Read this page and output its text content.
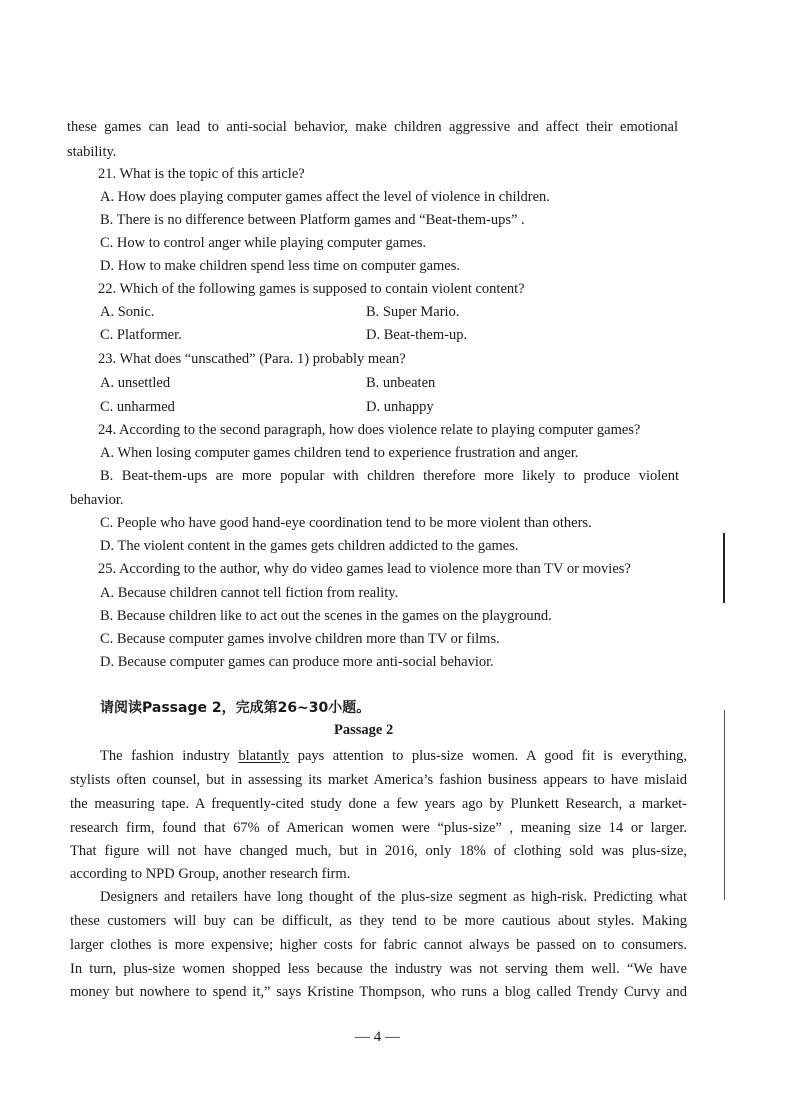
these games can lead to anti-social behavior, make children aggressive and affect their emotional
stability.
21. What is the topic of this article?
A. How does playing computer games affect the level of violence in children.
B. There is no difference between Platform games and “Beat-them-ups” .
C. How to control anger while playing computer games.
D. How to make children spend less time on computer games.
22. Which of the following games is supposed to contain violent content?
A. Sonic.	B. Super Mario.
C. Platformer.	D. Beat-them-up.
23. What does “unscathed” (Para. 1) probably mean?
A. unsettled	B. unbeaten
C. unharmed	D. unhappy
24. According to the second paragraph, how does violence relate to playing computer games?
A. When losing computer games children tend to experience frustration and anger.
B. Beat-them-ups are more popular with children therefore more likely to produce violent
behavior.
C. People who have good hand-eye coordination tend to be more violent than others.
D. The violent content in the games gets children addicted to the games.
25. According to the author, why do video games lead to violence more than TV or movies?
A. Because children cannot tell fiction from reality.
B. Because children like to act out the scenes in the games on the playground.
C. Because computer games involve children more than TV or films.
D. Because computer games can produce more anti-social behavior.
请阅读Passage 2，完成第26~30小题。
Passage 2
The fashion industry blatantly pays attention to plus-size women. A good fit is everything,
stylists often counsel, but in assessing its market America’s fashion business appears to have mislaid
the measuring tape. A frequently-cited study done a few years ago by Plunkett Research, a market-
research firm, found that 67% of American women were “plus-size” , meaning size 14 or larger.
That figure will not have changed much, but in 2016, only 18% of clothing sold was plus-size,
according to NPD Group, another research firm.
Designers and retailers have long thought of the plus-size segment as high-risk. Predicting what
these customers will buy can be difficult, as they tend to be more cautious about styles. Making
larger clothes is more expensive; higher costs for fabric cannot always be passed on to consumers.
In turn, plus-size women shopped less because the industry was not serving them well. “We have
money but nowhere to spend it,” says Kristine Thompson, who runs a blog called Trendy Curvy and
— 4 —
